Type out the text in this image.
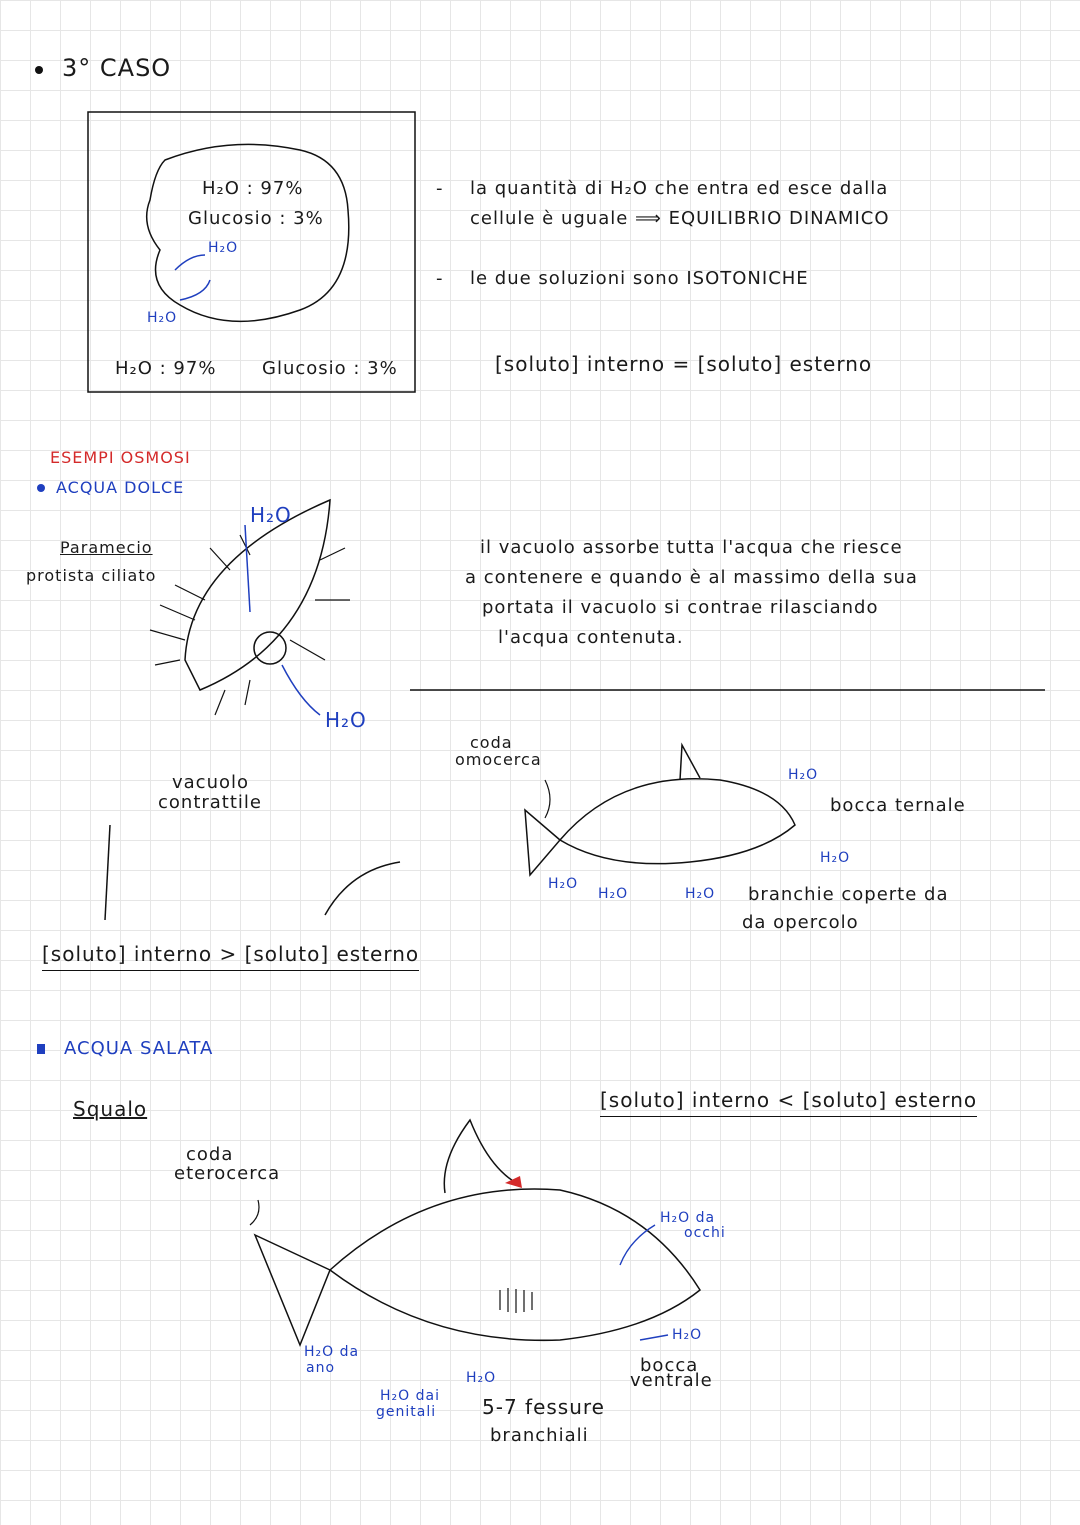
3° CASO
H₂O : 97%
Glucosio : 3%
H₂O
H₂O
H₂O : 97%	Glucosio : 3%
- la quantità di H₂O che entra ed esce dalla
cellule è uguale ⟹ EQUILIBRIO DINAMICO
- le due soluzioni sono ISOTONICHE
[soluto] interno = [soluto] esterno
ESEMPI OSMOSI
ACQUA DOLCE
Paramecio
protista ciliato
H₂O
H₂O
vacuolo
contrattile
il vacuolo assorbe tutta l'acqua che riesce
a contenere e quando è al massimo della sua
portata il vacuolo si contrae rilasciando
l'acqua contenuta.
coda
omocerca
H₂O
H₂O
H₂O
H₂O	H₂O
bocca ternale
branchie coperte da
da opercolo
[soluto] interno > [soluto] esterno
ACQUA SALATA
Squalo	[soluto] interno < [soluto] esterno
coda
eterocerca
H₂O da
occhi
H₂O
bocca
ventrale
H₂O da
ano
H₂O dai
genitali
H₂O
5-7 fessure
branchiali
